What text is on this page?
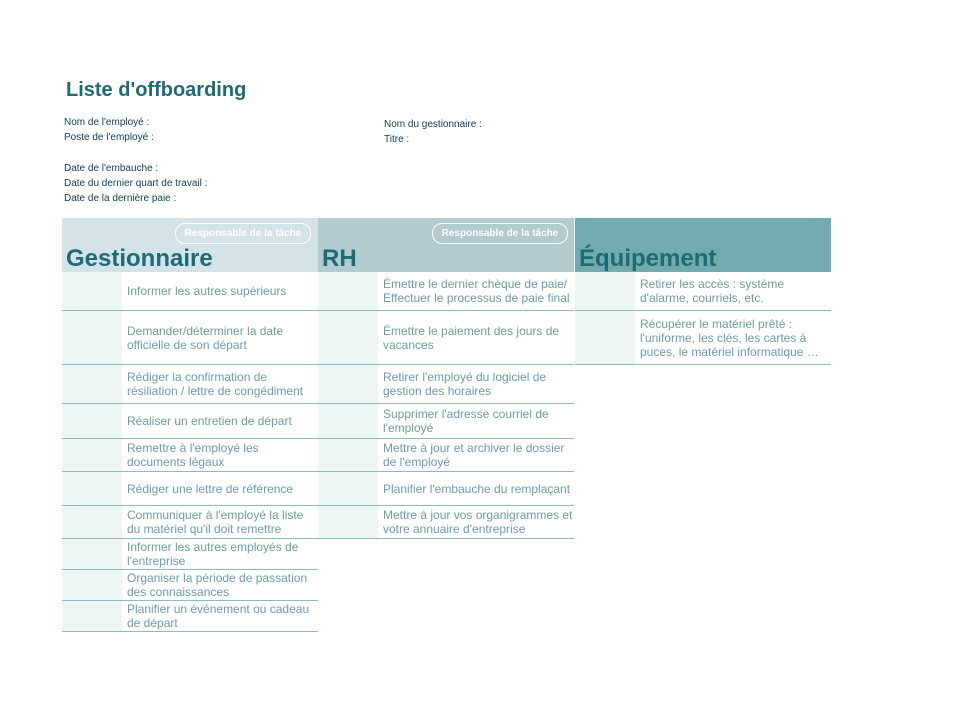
Liste d'offboarding
Nom de l'employé :
Poste de l'employé :
Date de l'embauche :
Date du dernier quart de travail :
Date de la dernière paie :
Nom du gestionnaire :
Titre :
Responsable de la tâche
Gestionnaire
Informer les autres supérieurs
Demander/déterminer la date officielle de son départ
Rédiger la confirmation de résiliation / lettre de congédiment
Réaliser un entretien de départ
Remettre à l'employé les documents légaux
Rédiger une lettre de référence
Communiquer à l'employé la liste du matériel qu'il doit remettre
Informer les autres employés de l'entreprise
Organiser la période de passation des connaissances
Planifier un événement ou cadeau de départ
Responsable de la tâche
RH
Émettre le dernier chèque de paie/ Effectuer le processus de paie final
Émettre le paiement des jours de vacances
Retirer l'employé du logiciel de gestion des horaires
Supprimer l'adresse courriel de l'employé
Mettre à jour et archiver le dossier de l'employé
Planifier l'embauche du remplaçant
Mettre à jour vos organigrammes et votre annuaire d'entreprise
Équipement
Retirer les accès : système d'alarme, courriels, etc.
Récupérer le matériel prêté : l'uniforme, les clés, les cartes à puces, le matériel informatique …
